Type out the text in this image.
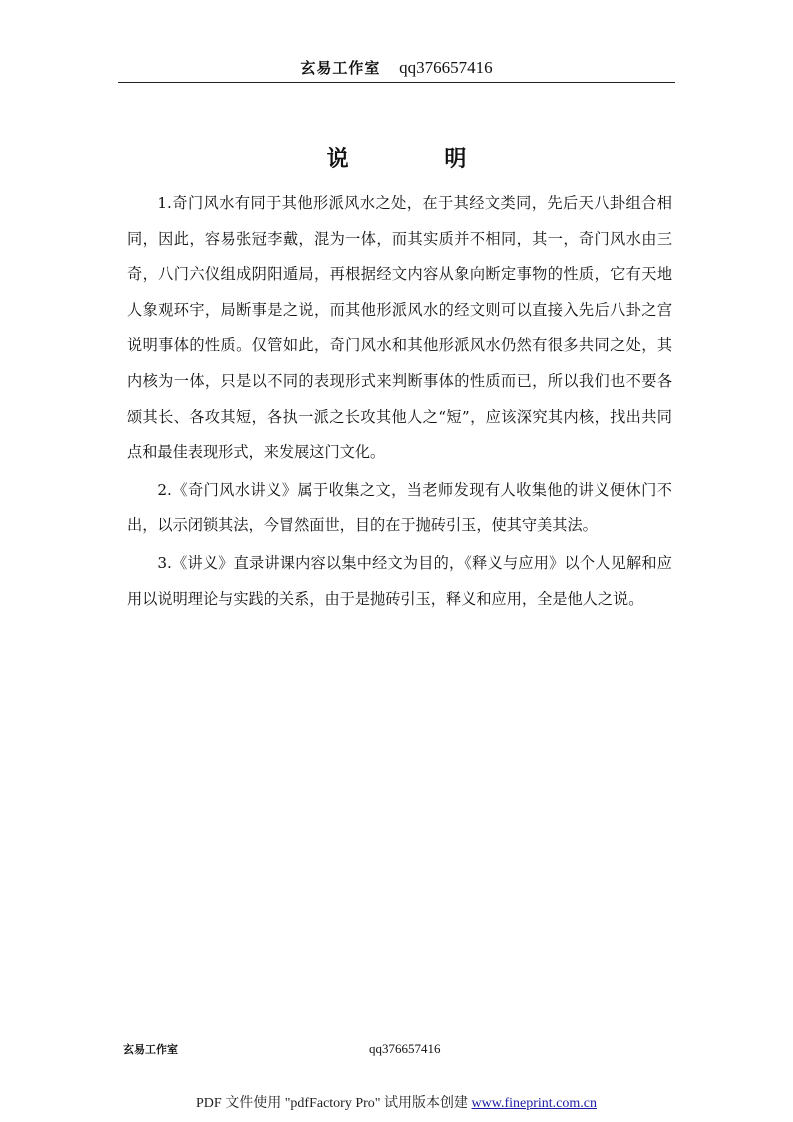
玄易工作室 qq376657416
说 明

1.奇门风水有同于其他形派风水之处，在于其经文类同，先后天八卦组合相同，因此，容易张冠李戴，混为一体，而其实质并不相同，其一，奇门风水由三奇，八门六仪组成阴阳遁局，再根据经文内容从象向断定事物的性质，它有天地人象观环宇，局断事是之说，而其他形派风水的经文则可以直接入先后八卦之宫说明事体的性质。仅管如此，奇门风水和其他形派风水仍然有很多共同之处，其内核为一体，只是以不同的表现形式来判断事体的性质而已，所以我们也不要各颂其长、各攻其短，各执一派之长攻其他人之“短”，应该深究其内核，找出共同点和最佳表现形式，来发展这门文化。

2.《奇门风水讲义》属于收集之文，当老师发现有人收集他的讲义便休门不出，以示闭锁其法，今冒然面世，目的在于抛砖引玉，使其守美其法。

3.《讲义》直录讲课内容以集中经文为目的，《释义与应用》以个人见解和应用以说明理论与实践的关系，由于是抛砖引玉，释义和应用，全是他人之说。

玄易工作室	qq376657416
PDF 文件使用 "pdfFactory Pro" 试用版本创建 www.fineprint.com.cn
